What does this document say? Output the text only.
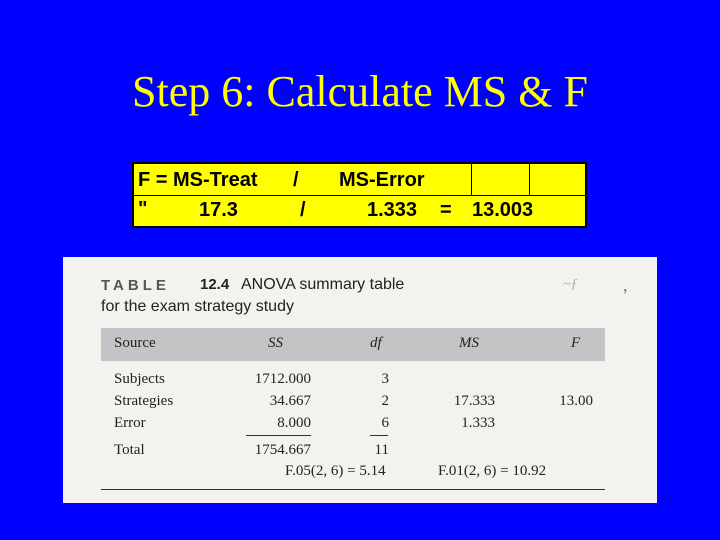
Step 6: Calculate MS & F
F = MS-Treat / MS-Error
"	17.3	/	1.333 = 13.003
TABLE 12.4 ANOVA summary table
for the exam strategy study
~ƒ	,
Source	SS	df	MS	F
Subjects	1712.000	3
Strategies	34.667	2	17.333	13.00
Error	8.000	6	1.333
Total	1754.667	11
F.05(2, 6) = 5.14	F.01(2, 6) = 10.92
